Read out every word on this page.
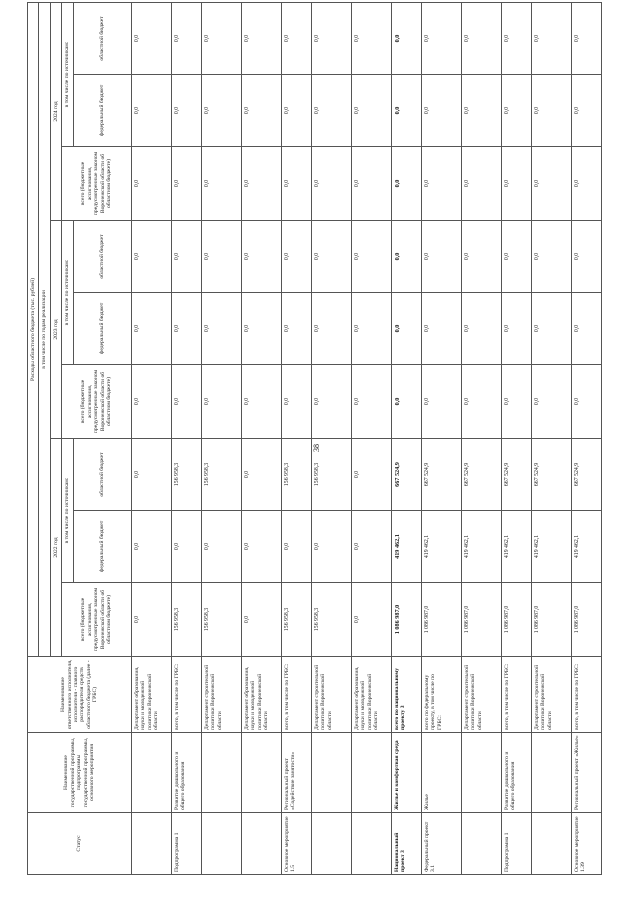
38
Статус	Наименование государственной программы, подпрограммы государственной программы, основного мероприятия	Наименование ответственного исполнителя, исполнителя - главного распорядителя средств областного бюджета (далее - ГРБС)	Расходы областного бюджета (тыс. рублей)								
			в том числе по годам реализации								
			2022 год			2023 год			2024 год		
			всего (бюджетные ассигнования, предусмотренные законом Воронежской области об областном бюджете)	в том числе по источникам:		всего (бюджетные ассигнования, предусмотренные законом Воронежской области об областном бюджете)	в том числе по источникам:		всего (бюджетные ассигнования, предусмотренные законом Воронежской области об областном бюджете)	в том числе по источникам:	
				федеральный бюджет	областной бюджет		федеральный бюджет	областной бюджет		федеральный бюджет	областной бюджет
		Департамент образования, науки и молодежной политики Воронежской области	0,0	0,0	0,0	0,0	0,0	0,0	0,0	0,0	0,0
Подпрограмма 1	Развитие дошкольного и общего образования	всего, в том числе по ГРБС:	156 958,3	0,0	156 958,3	0,0	0,0	0,0	0,0	0,0	0,0
		Департамент строительной политики Воронежской области	156 958,3	0,0	156 958,3	0,0	0,0	0,0	0,0	0,0	0,0
		Департамент образования, науки и молодежной политики Воронежской области	0,0	0,0	0,0	0,0	0,0	0,0	0,0	0,0	0,0
Основное мероприятие 1.5	Региональный проект «Содействие занятости»	всего, в том числе по ГРБС:	156 958,3	0,0	156 958,3	0,0	0,0	0,0	0,0	0,0	0,0
		Департамент строительной политики Воронежской области	156 958,3	0,0	156 958,3	0,0	0,0	0,0	0,0	0,0	0,0
		Департамент образования, науки и молодежной политики Воронежской области	0,0	0,0	0,0	0,0	0,0	0,0	0,0	0,0	0,0
Национальный проект 3	Жилье и комфортная среда	всего по национальному проекту 3	1 086 987,0	419 462,1	667 524,9	0,0	0,0	0,0	0,0	0,0	0,0
Федеральный проект 3.1	Жилье	всего по федеральному проекту, в том числе по ГРБС:	1 086 987,0	419 462,1	667 524,9	0,0	0,0	0,0	0,0	0,0	0,0
		Департамент строительной политики Воронежской области	1 086 987,0	419 462,1	667 524,9	0,0	0,0	0,0	0,0	0,0	0,0
Подпрограмма 1	Развитие дошкольного и общего образования	всего, в том числе по ГРБС:	1 086 987,0	419 462,1	667 524,9	0,0	0,0	0,0	0,0	0,0	0,0
		Департамент строительной политики Воронежской области	1 086 987,0	419 462,1	667 524,9	0,0	0,0	0,0	0,0	0,0	0,0
Основное мероприятие 1.39	Региональный проект «Жилье»	всего, в том числе по ГРБС:	1 086 987,0	419 462,1	667 524,9	0,0	0,0	0,0	0,0	0,0	0,0
